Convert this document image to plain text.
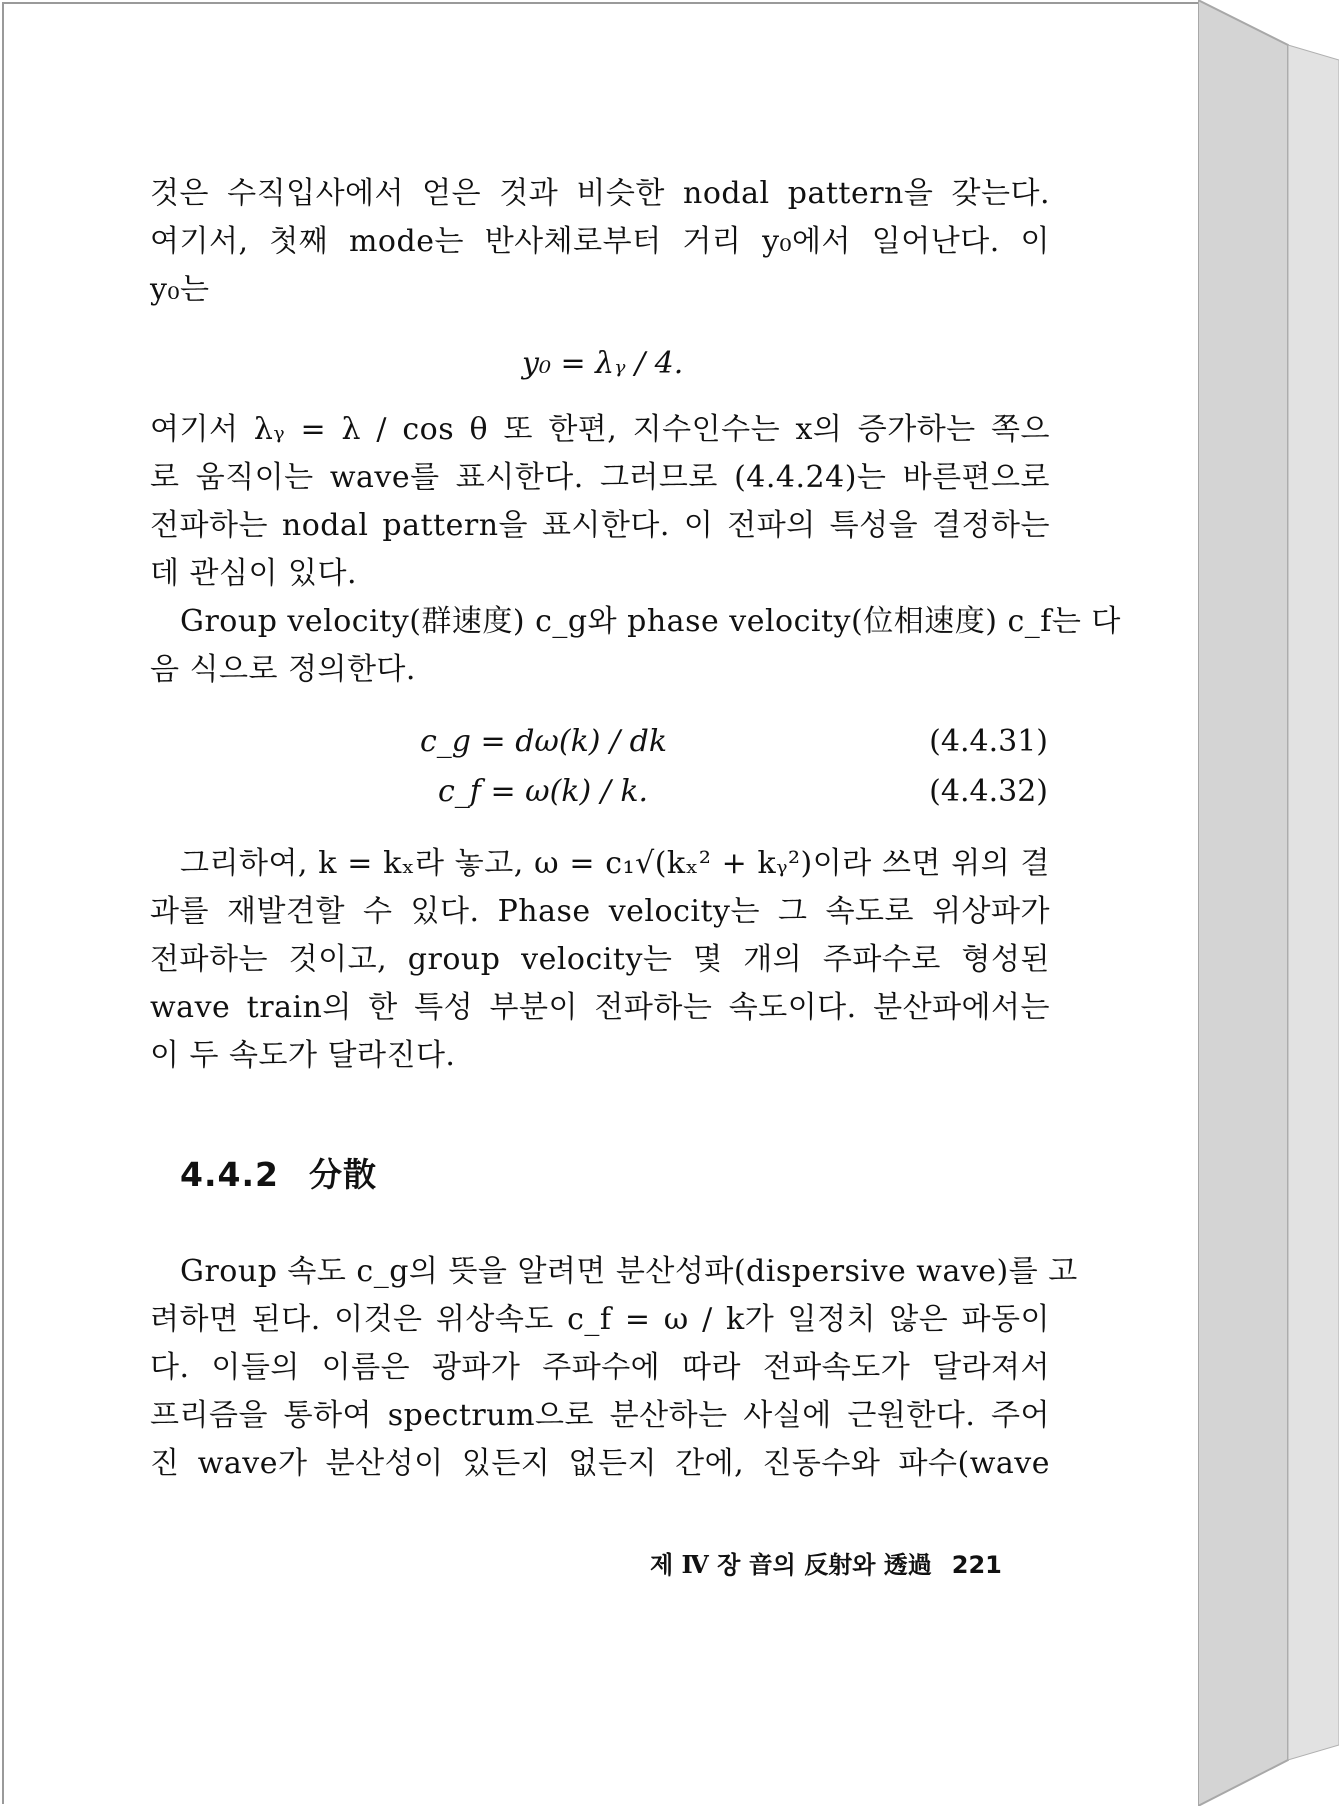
것은 수직입사에서 얻은 것과 비슷한 nodal pattern을 갖는다.
여기서, 첫째 mode는 반사체로부터 거리 y₀에서 일어난다. 이
y₀는
y₀ = λᵧ / 4.
여기서 λᵧ = λ / cos θ 또 한편, 지수인수는 x의 증가하는 쪽으
로 움직이는 wave를 표시한다. 그러므로 (4.4.24)는 바른편으로
전파하는 nodal pattern을 표시한다. 이 전파의 특성을 결정하는
데 관심이 있다.
Group velocity(群速度) c_g와 phase velocity(位相速度) c_f는 다
음 식으로 정의한다.
c_g = dω(k) / dk	(4.4.31)
c_f = ω(k) / k.	(4.4.32)
그리하여, k = kₓ라 놓고, ω = c₁√(kₓ² + kᵧ²)이라 쓰면 위의 결
과를 재발견할 수 있다. Phase velocity는 그 속도로 위상파가
전파하는 것이고, group velocity는 몇 개의 주파수로 형성된
wave train의 한 특성 부분이 전파하는 속도이다. 분산파에서는
이 두 속도가 달라진다.
4.4.2 分散
Group 속도 c_g의 뜻을 알려면 분산성파(dispersive wave)를 고
려하면 된다. 이것은 위상속도 c_f = ω / k가 일정치 않은 파동이
다. 이들의 이름은 광파가 주파수에 따라 전파속도가 달라져서
프리즘을 통하여 spectrum으로 분산하는 사실에 근원한다. 주어
진 wave가 분산성이 있든지 없든지 간에, 진동수와 파수(wave
제 Ⅳ 장 音의 反射와 透過 221
